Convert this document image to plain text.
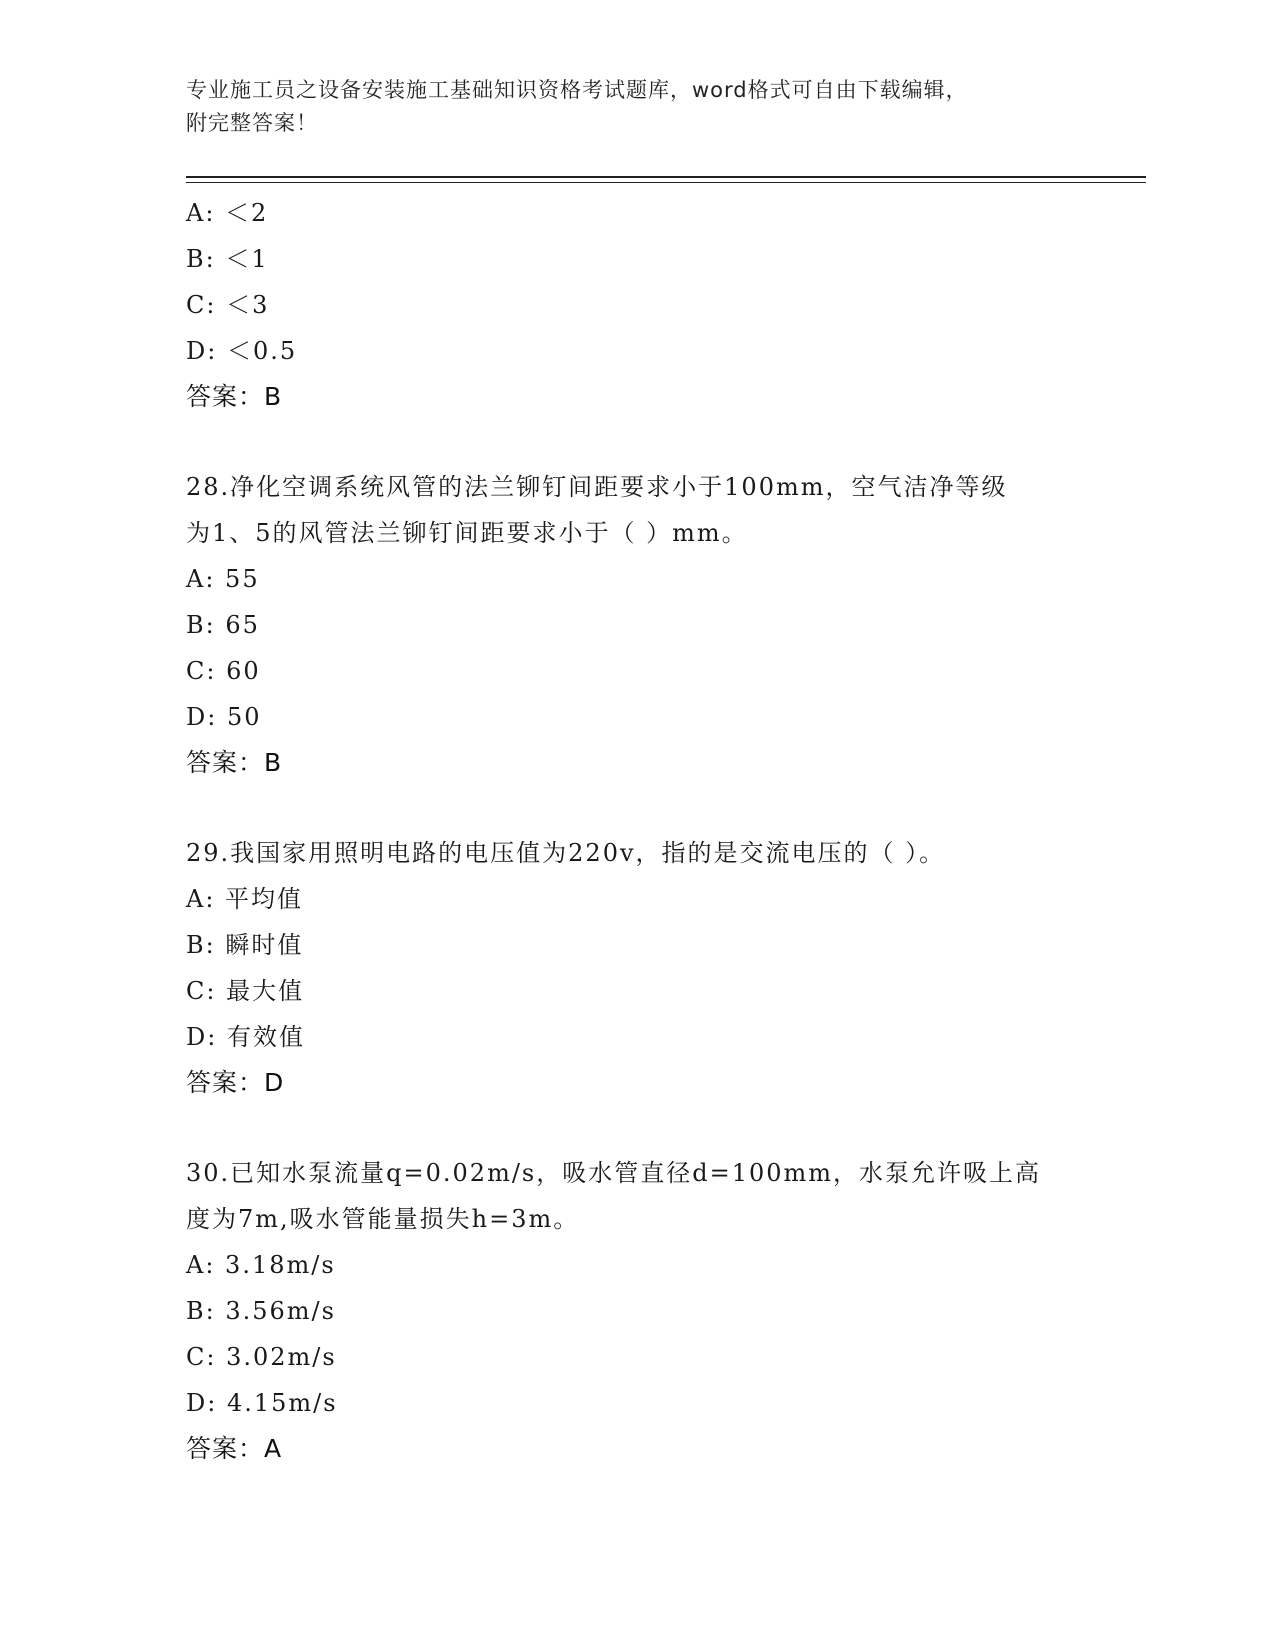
专业施工员之设备安装施工基础知识资格考试题库，word格式可自由下载编辑，
附完整答案！
A: ＜2
B: ＜1
C: ＜3
D: ＜0.5
答案：B
28.净化空调系统风管的法兰铆钉间距要求小于100mm，空气洁净等级
为1、5的风管法兰铆钉间距要求小于（ ）mm。
A: 55
B: 65
C: 60
D: 50
答案：B
29.我国家用照明电路的电压值为220v，指的是交流电压的（ ）。
A: 平均值
B: 瞬时值
C: 最大值
D: 有效值
答案：D
30.已知水泵流量q=0.02m/s，吸水管直径d=100mm，水泵允许吸上高
度为7m,吸水管能量损失h=3m。
A: 3.18m/s
B: 3.56m/s
C: 3.02m/s
D: 4.15m/s
答案：A
